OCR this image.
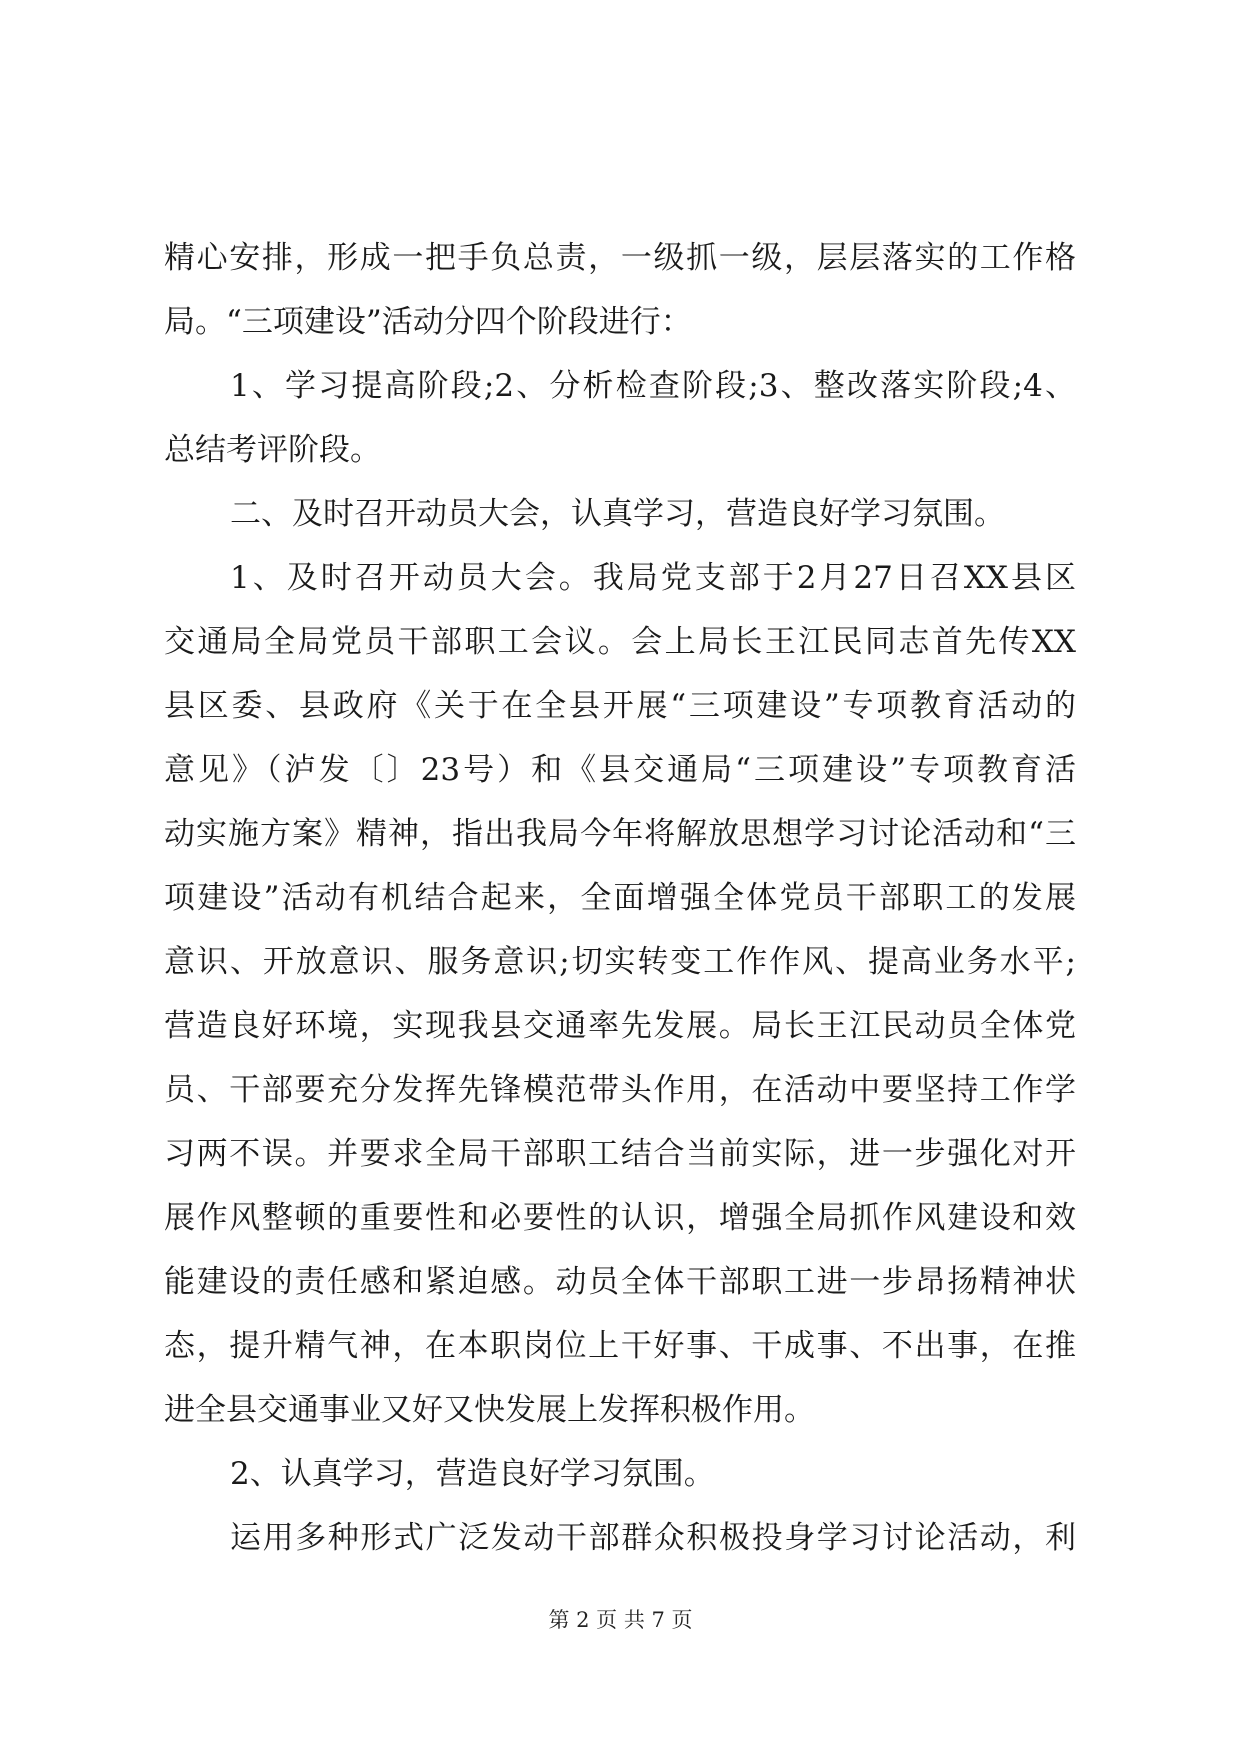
精心安排，形成一把手负总责，一级抓一级，层层落实的工作格
局。“三项建设”活动分四个阶段进行：
1、学习提高阶段;2、分析检查阶段;3、整改落实阶段;4、
总结考评阶段。
二、及时召开动员大会，认真学习，营造良好学习氛围。
1、及时召开动员大会。我局党支部于2月27日召XX县区
交通局全局党员干部职工会议。会上局长王江民同志首先传XX
县区委、县政府《关于在全县开展“三项建设”专项教育活动的
意见》（泸发〔〕23号）和《县交通局“三项建设”专项教育活
动实施方案》精神，指出我局今年将解放思想学习讨论活动和“三
项建设”活动有机结合起来，全面增强全体党员干部职工的发展
意识、开放意识、服务意识;切实转变工作作风、提高业务水平;
营造良好环境，实现我县交通率先发展。局长王江民动员全体党
员、干部要充分发挥先锋模范带头作用，在活动中要坚持工作学
习两不误。并要求全局干部职工结合当前实际，进一步强化对开
展作风整顿的重要性和必要性的认识，增强全局抓作风建设和效
能建设的责任感和紧迫感。动员全体干部职工进一步昂扬精神状
态，提升精气神，在本职岗位上干好事、干成事、不出事，在推
进全县交通事业又好又快发展上发挥积极作用。
2、认真学习，营造良好学习氛围。
运用多种形式广泛发动干部群众积极投身学习讨论活动，利
第 2 页 共 7 页
